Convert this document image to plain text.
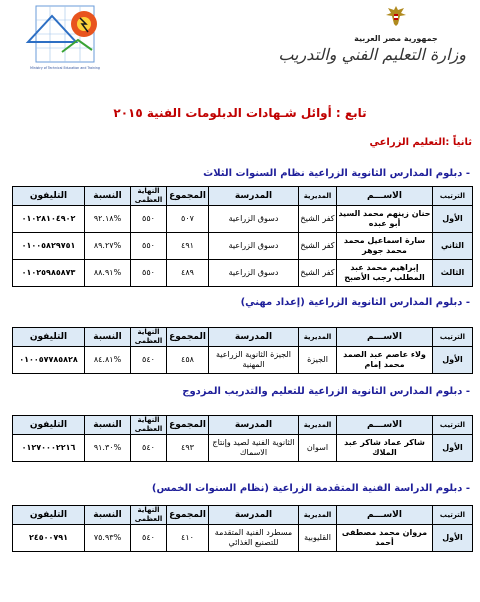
جمهورية مصر العربية
وزارة التعليم الفني والتدريب
Ministry of Technical Education and Training
تابع : أوائل شـهادات الدبلومات الفنية ٢٠١٥
ثانياً :التعليم الزراعي
- دبلوم المدارس الثانوية الزراعية نظام السنوات الثلاث
الترتيب	الاســـم	المديرية	المدرسة	المجموع	النهاية
العظمى	النسبة	التليفون
الأول	حنان زينهم محمد السيد أبو عبده	كفر الشيخ	دسوق الزراعية	٥٠٧	٥٥٠	%٩٢.١٨	٠١٠٢٨١٠٤٩٠٢
الثاني	سارة اسماعيل محمد محمد جوهر	كفر الشيخ	دسوق الزراعية	٤٩١	٥٥٠	%٨٩.٢٧	٠١٠٠٥٨٢٩٧٥١
الثالث	إبراهيم محمد عبد المطلب رجب الأصبح	كفر الشيخ	دسوق الزراعية	٤٨٩	٥٥٠	%٨٨.٩١	٠١٠٢٥٩٨٥٨٧٣
- دبلوم المدارس الثانوية الزراعية (إعداد مهني)
الترتيب	الاســـم	المديرية	المدرسة	المجموع	النهاية
العظمى	النسبة	التليفون
الأول	ولاء عاصم عبد الصمد محمد إمام	الجيزة	الجيزة الثانوية الزراعية المهنية	٤٥٨	٥٤٠	%٨٤.٨١	٠١٠٠٥٧٧٨٥٨٢٨
- دبلوم المدارس الثانوية الزراعية للتعليم والتدريب المزدوج
الترتيب	الاســـم	المديرية	المدرسة	المجموع	النهاية
العظمى	النسبة	التليفون
الأول	شاكر عماد شاكر عبد الملاك	اسوان	الثانوية الفنية لصيد وإنتاج الاسماك	٤٩٣	٥٤٠	%٩١.٣٠	٠١٢٧٠٠٠٢٢١٦
- دبلوم الدراسة الفنية المتقدمة الزراعية (نظام السنوات الخمس)
الترتيب	الاســـم	المديرية	المدرسة	المجموع	النهاية
العظمى	النسبة	التليفون
الأول	مروان محمد مصطفى أحمد	القليوبية	مسطرد الفنية المتقدمة للتصنيع الغذائي	٤١٠	٥٤٠	%٧٥.٩٣	٢٤٥٠٠٧٩١
